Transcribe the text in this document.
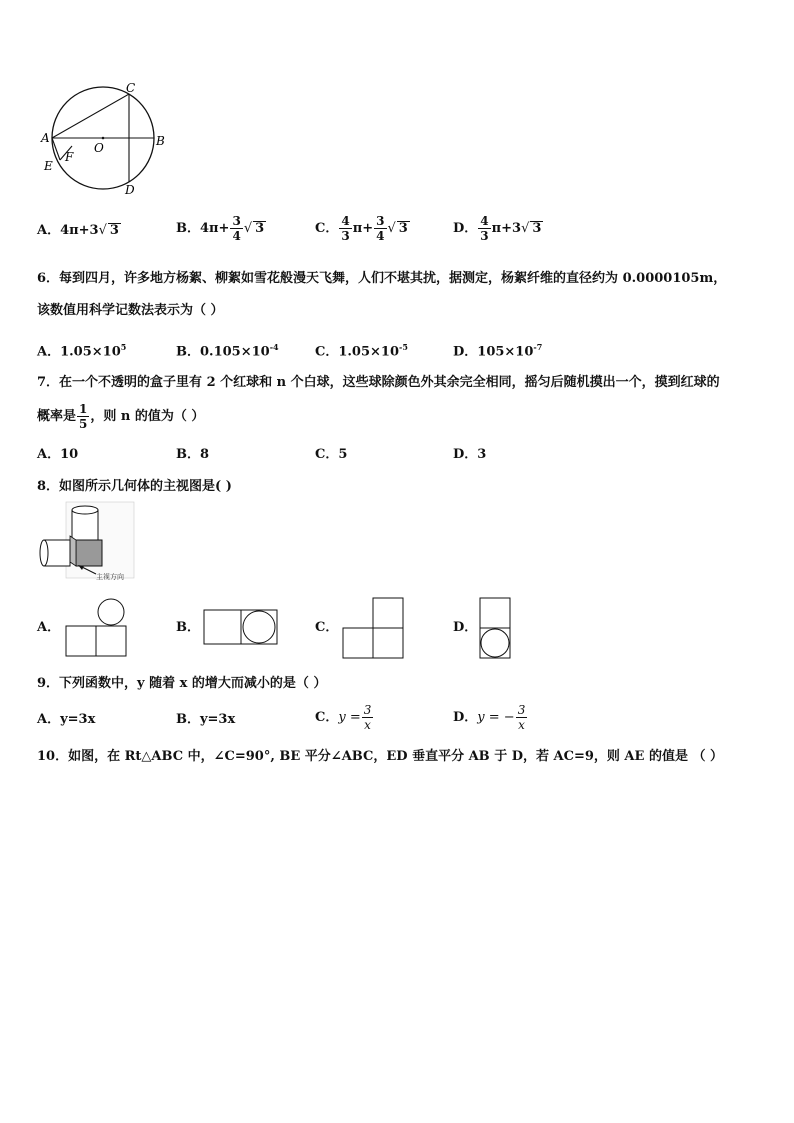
C
A	B
O
F
E
D
A．4π+3√ 3	B．$4\pi+ \frac{3}{4}$ √ 3	C． $\frac{4}{3} \pi+ \frac{3}{4}$ √ 3	D． $\frac{4}{3} \pi+3√$ 3
6．每到四月，许多地方杨絮、柳絮如雪花般漫天飞舞，人们不堪其扰，据测定，杨絮纤维的直径约为 0.0000105m，
该数值用科学记数法表示为（ ）
A．$1.05\times 10^5$	B．$0.105\times 10^{-4}$	C．$1.05\times 10^{-5}$	D．$105\times 10^{-7}$
7．在一个不透明的盒子里有 2 个红球和 n 个白球，这些球除颜色外其余完全相同，摇匀后随机摸出一个，摸到红球的
概率是 $\frac{1}{5}$ ，则 n 的值为（ ）
A．10	B．8	C．5	D．3
8．如图所示几何体的主视图是( )
主视方向
A．	B．	C．	D．
9．下列函数中，y 随着 x 的增大而减小的是（ ）
A．y=3x	B．y=3x	C．$y = \frac{3}{x}$	D．y = − $\frac{3}{x}$
10．如图，在 Rt△ABC 中，∠C=90°, BE 平分∠ABC，ED 垂直平分 AB 于 D，若 AC=9，则 AE 的值是 （ ）
